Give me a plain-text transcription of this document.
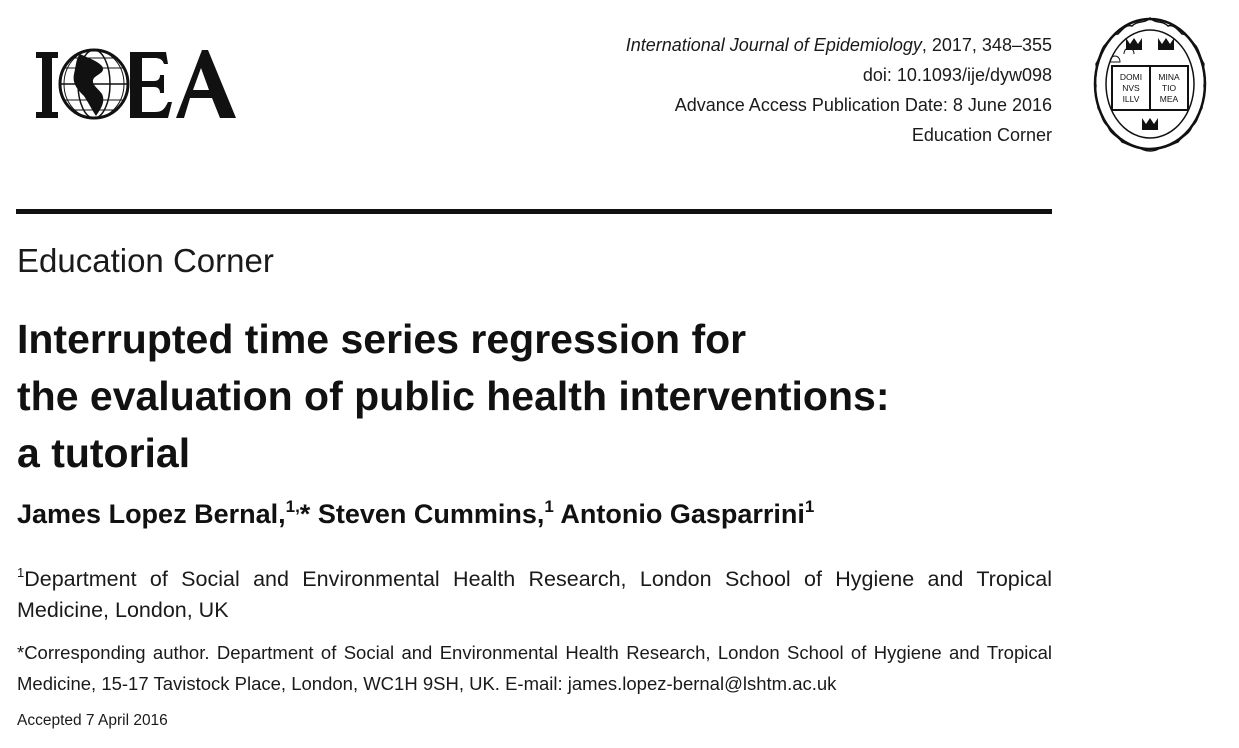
International Journal of Epidemiology, 2017, 348–355
doi: 10.1093/ije/dyw098
Advance Access Publication Date: 8 June 2016
Education Corner
DOMI
NVS
ILLV
MINA
TIO
MEA
Education Corner
Interrupted time series regression for
the evaluation of public health interventions:
a tutorial
James Lopez Bernal,$^{1,}$* Steven Cummins,$^1$ Antonio Gasparrini$^1$
$^1$Department of Social and Environmental Health Research, London School of Hygiene and Tropical Medicine, London, UK
*Corresponding author. Department of Social and Environmental Health Research, London School of Hygiene and Tropical Medicine, 15-17 Tavistock Place, London, WC1H 9SH, UK. E-mail: james.lopez-bernal@lshtm.ac.uk
Accepted 7 April 2016
